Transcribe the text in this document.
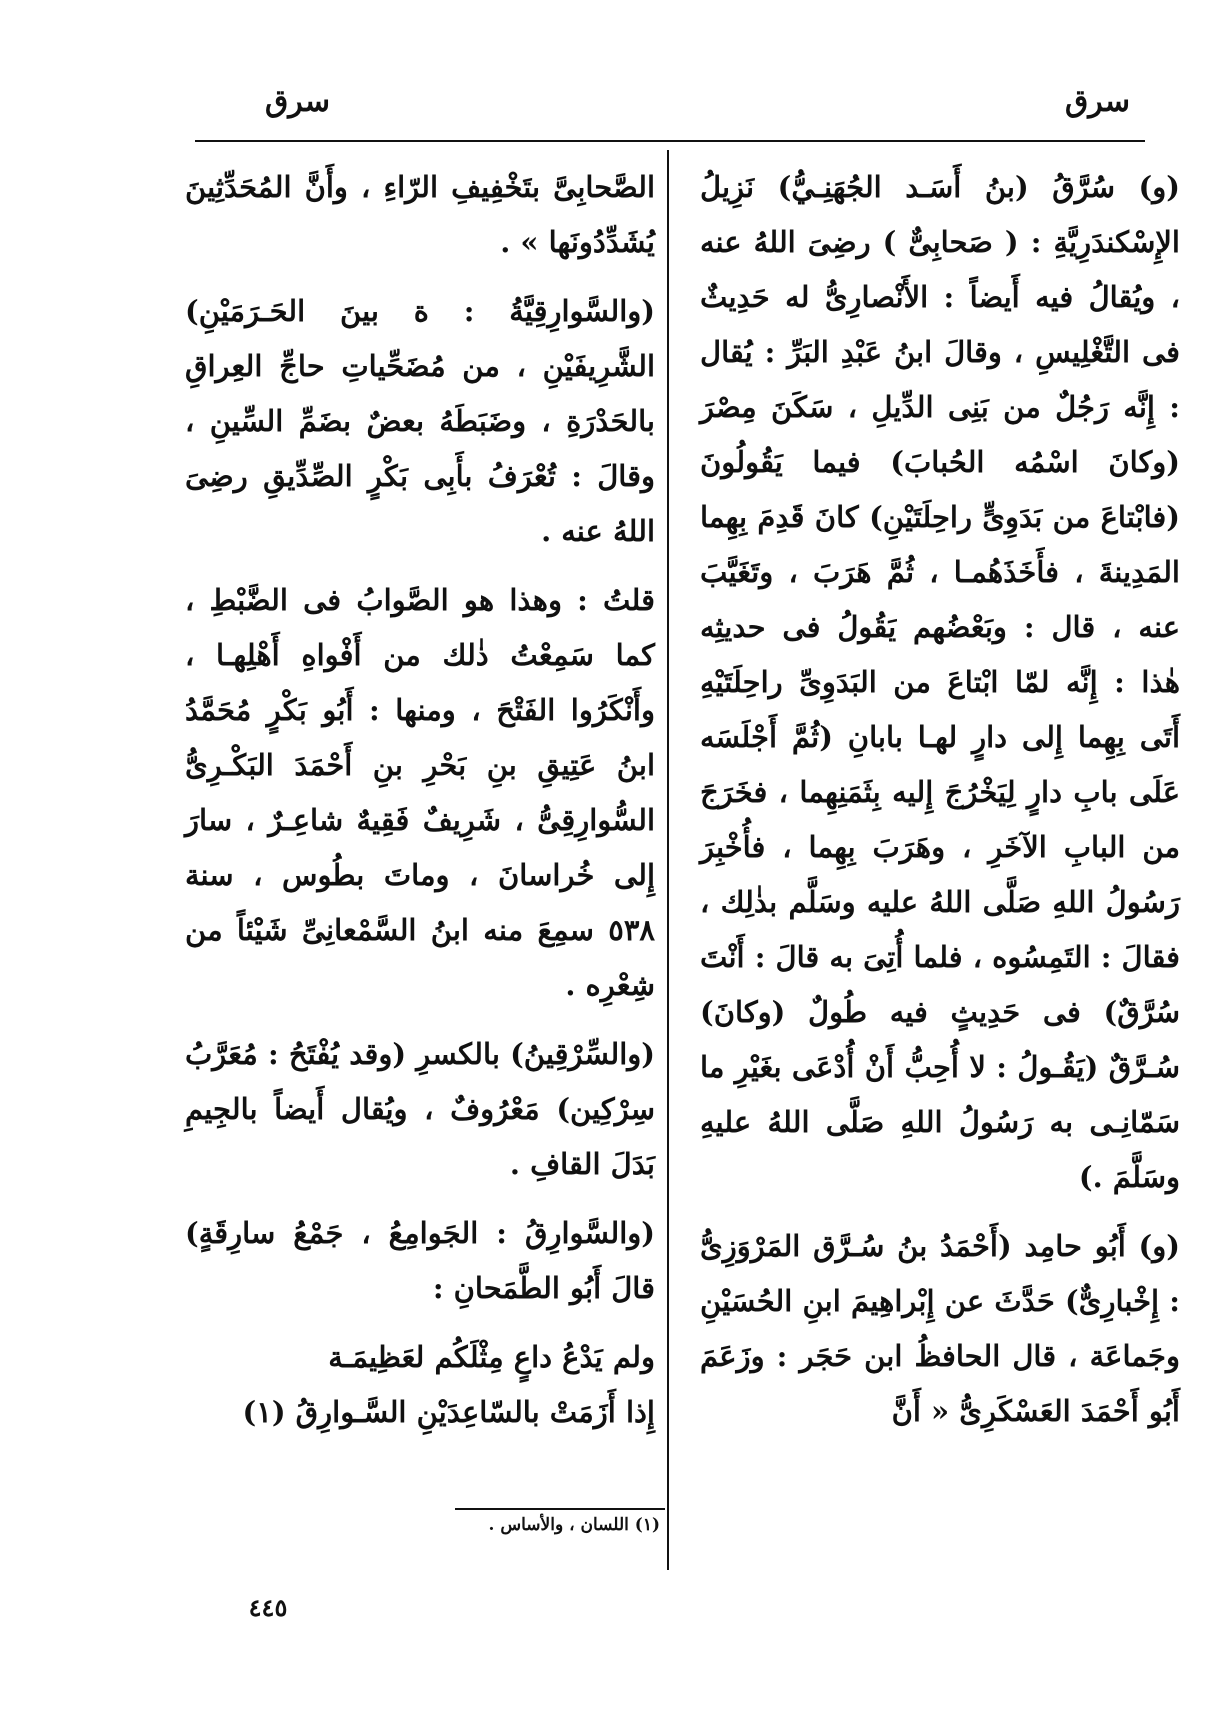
سرق
سرق

(و) سُرَّقُ (بنُ أَسَـد الجُهَنِـيُّ) نَزِيلُ الإِسْكندَرِيَّةِ : ( صَحابِىٌّ ) رضِىَ اللهُ عنه ، ويُقالُ فيه أَيضاً : الأَنْصارِىُّ له حَدِيثٌ فى التَّغْلِيسِ ، وقالَ ابنُ عَبْدِ البَرِّ : يُقال : إِنَّه رَجُلٌ من بَنِى الدِّيلِ ، سَكَنَ مِصْرَ (وكانَ اسْمُه الحُبابَ) فيما يَقُولُونَ (فابْتاعَ من بَدَوِىٍّ راحِلَتَيْنِ) كانَ قَدِمَ بِهِما المَدِينةَ ، فأَخَذَهُمـا ، ثُمَّ هَرَبَ ، وتَغَيَّبَ عنه ، قال : وبَعْضُهم يَقُولُ فى حديثِه هٰذا : إِنَّه لمّا ابْتاعَ من البَدَوِىِّ راحِلَتَيْهِ أَتَى بِهِما إِلى دارٍ لهـا بابانِ (ثُمَّ أَجْلَسَه عَلَى بابِ دارٍ لِيَخْرُجَ إِليه بِثَمَنِهِما ، فخَرَجَ من البابِ الآخَرِ ، وهَرَبَ بِهِما ، فأُخْبِرَ رَسُولُ اللهِ صَلَّى اللهُ عليه وسَلَّم بذٰلِك ، فقالَ : التَمِسُوه ، فلما أُتِىَ به قالَ : أَنْتَ سُرَّقٌ) فى حَدِيثٍ فيه طُولٌ (وكانَ) سُـرَّقٌ (يَقُـولُ : لا أُحِبُّ أَنْ أُدْعَى بغَيْرِ ما سَمّانِـى به رَسُولُ اللهِ صَلَّى اللهُ عليهِ وسَلَّمَ .)

(و) أَبُو حامِد (أَحْمَدُ بنُ سُـرَّق المَرْوَزِىُّ : إِخْبارِىٌّ) حَدَّثَ عن إِبْراهِيمَ ابنِ الحُسَيْنِ وجَماعَة ، قال الحافظُ ابن حَجَر : وزَعَمَ أَبُو أَحْمَدَ العَسْكَرِىُّ « أَنَّ

الصَّحابِىَّ بتَخْفِيفِ الرّاءِ ، وأَنَّ المُحَدِّثِينَ يُشَدِّدُونَها » .

(والسَّوارِقِيَّةُ : ة بينَ الحَـرَمَيْنِ) الشَّرِيفَيْنِ ، من مُضَحِّياتِ حاجِّ العِراقِ بالحَدْرَةِ ، وضَبَطَهُ بعضٌ بضَمِّ السِّينِ ، وقالَ : تُعْرَفُ بأَبِى بَكْرٍ الصِّدِّيقِ رضِىَ اللهُ عنه .

قلتُ : وهذا هو الصَّوابُ فى الضَّبْطِ ، كما سَمِعْتُ ذٰلك من أَفْواهِ أَهْلِهـا ، وأَنْكَرُوا الفَتْحَ ، ومنها : أَبُو بَكْرٍ مُحَمَّدُ ابنُ عَتِيقِ بنِ بَحْرِ بنِ أَحْمَدَ البَكْـرِىُّ السُّوارِقِىُّ ، شَرِيفٌ فَقِيهٌ شاعِـرٌ ، سارَ إِلى خُراسانَ ، وماتَ بطُوس ، سنة ٥٣٨ سمِعَ منه ابنُ السَّمْعانِىِّ شَيْئاً من شِعْرِه .

(والسِّرْقِينُ) بالكسرِ (وقد يُفْتَحُ : مُعَرَّبُ سِرْكِين) مَعْرُوفٌ ، ويُقال أَيضاً بالجِيمِ بَدَلَ القافِ .

(والسَّوارِقُ : الجَوامِعُ ، جَمْعُ سارِقَةٍ) قالَ أَبُو الطَّمَحانِ :

ولم يَدْعُ داعٍ مِثْلَكُم لعَظِيمَـة
إِذا أَزَمَتْ بالسّاعِدَيْنِ السَّـوارِقُ (١)
(١) اللسان ، والأساس .
٤٤٥
